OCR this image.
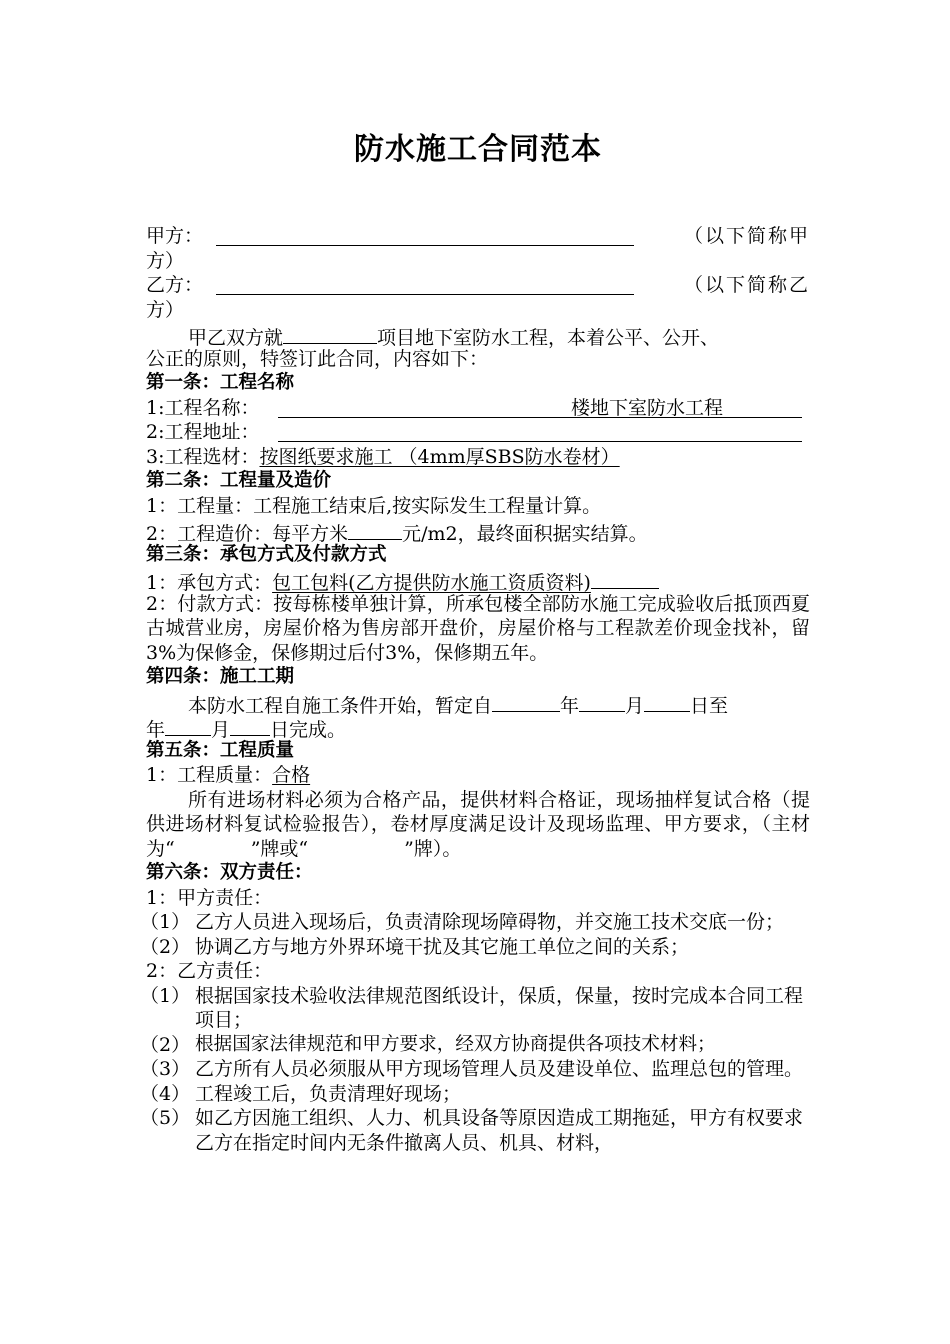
防水施工合同范本
甲方：	（以下简称甲
方）
乙方：	（以下简称乙
方）
甲乙双方就	项目地下室防水工程，本着公平、公开、
公正的原则，特签订此合同，内容如下：
第一条：工程名称
1:工程名称：	楼地下室防水工程
2:工程地址：
3:工程选材：按图纸要求施工 （4mm厚SBS防水卷材）
第二条：工程量及造价
1：工程量：工程施工结束后,按实际发生工程量计算。
2：工程造价：每平方米	元/m2，最终面积据实结算。
第三条：承包方式及付款方式
1：承包方式：包工包料(乙方提供防水施工资质资料)
2：付款方式：按每栋楼单独计算，所承包楼全部防水施工完成验收后抵顶西夏古城营业房，房屋价格为售房部开盘价，房屋价格与工程款差价现金找补，留3%为保修金，保修期过后付3%，保修期五年。
第四条：施工工期
本防水工程自施工条件开始，暂定自	年 月 日至
年 月 日完成。
第五条：工程质量
1：工程质量：合格
所有进场材料必须为合格产品，提供材料合格证，现场抽样复试合格（提供进场材料复试检验报告），卷材厚度满足设计及现场监理、甲方要求，（主材为“	”牌或“	”牌）。
第六条：双方责任：
1：甲方责任：
（1） 乙方人员进入现场后，负责清除现场障碍物，并交施工技术交底一份；
（2） 协调乙方与地方外界环境干扰及其它施工单位之间的关系；
2：乙方责任：
（1） 根据国家技术验收法律规范图纸设计，保质，保量，按时完成本合同工程项目；
（2） 根据国家法律规范和甲方要求，经双方协商提供各项技术材料；
（3） 乙方所有人员必须服从甲方现场管理人员及建设单位、监理总包的管理。
（4） 工程竣工后，负责清理好现场；
（5） 如乙方因施工组织、人力、机具设备等原因造成工期拖延，甲方有权要求乙方在指定时间内无条件撤离人员、机具、材料，
